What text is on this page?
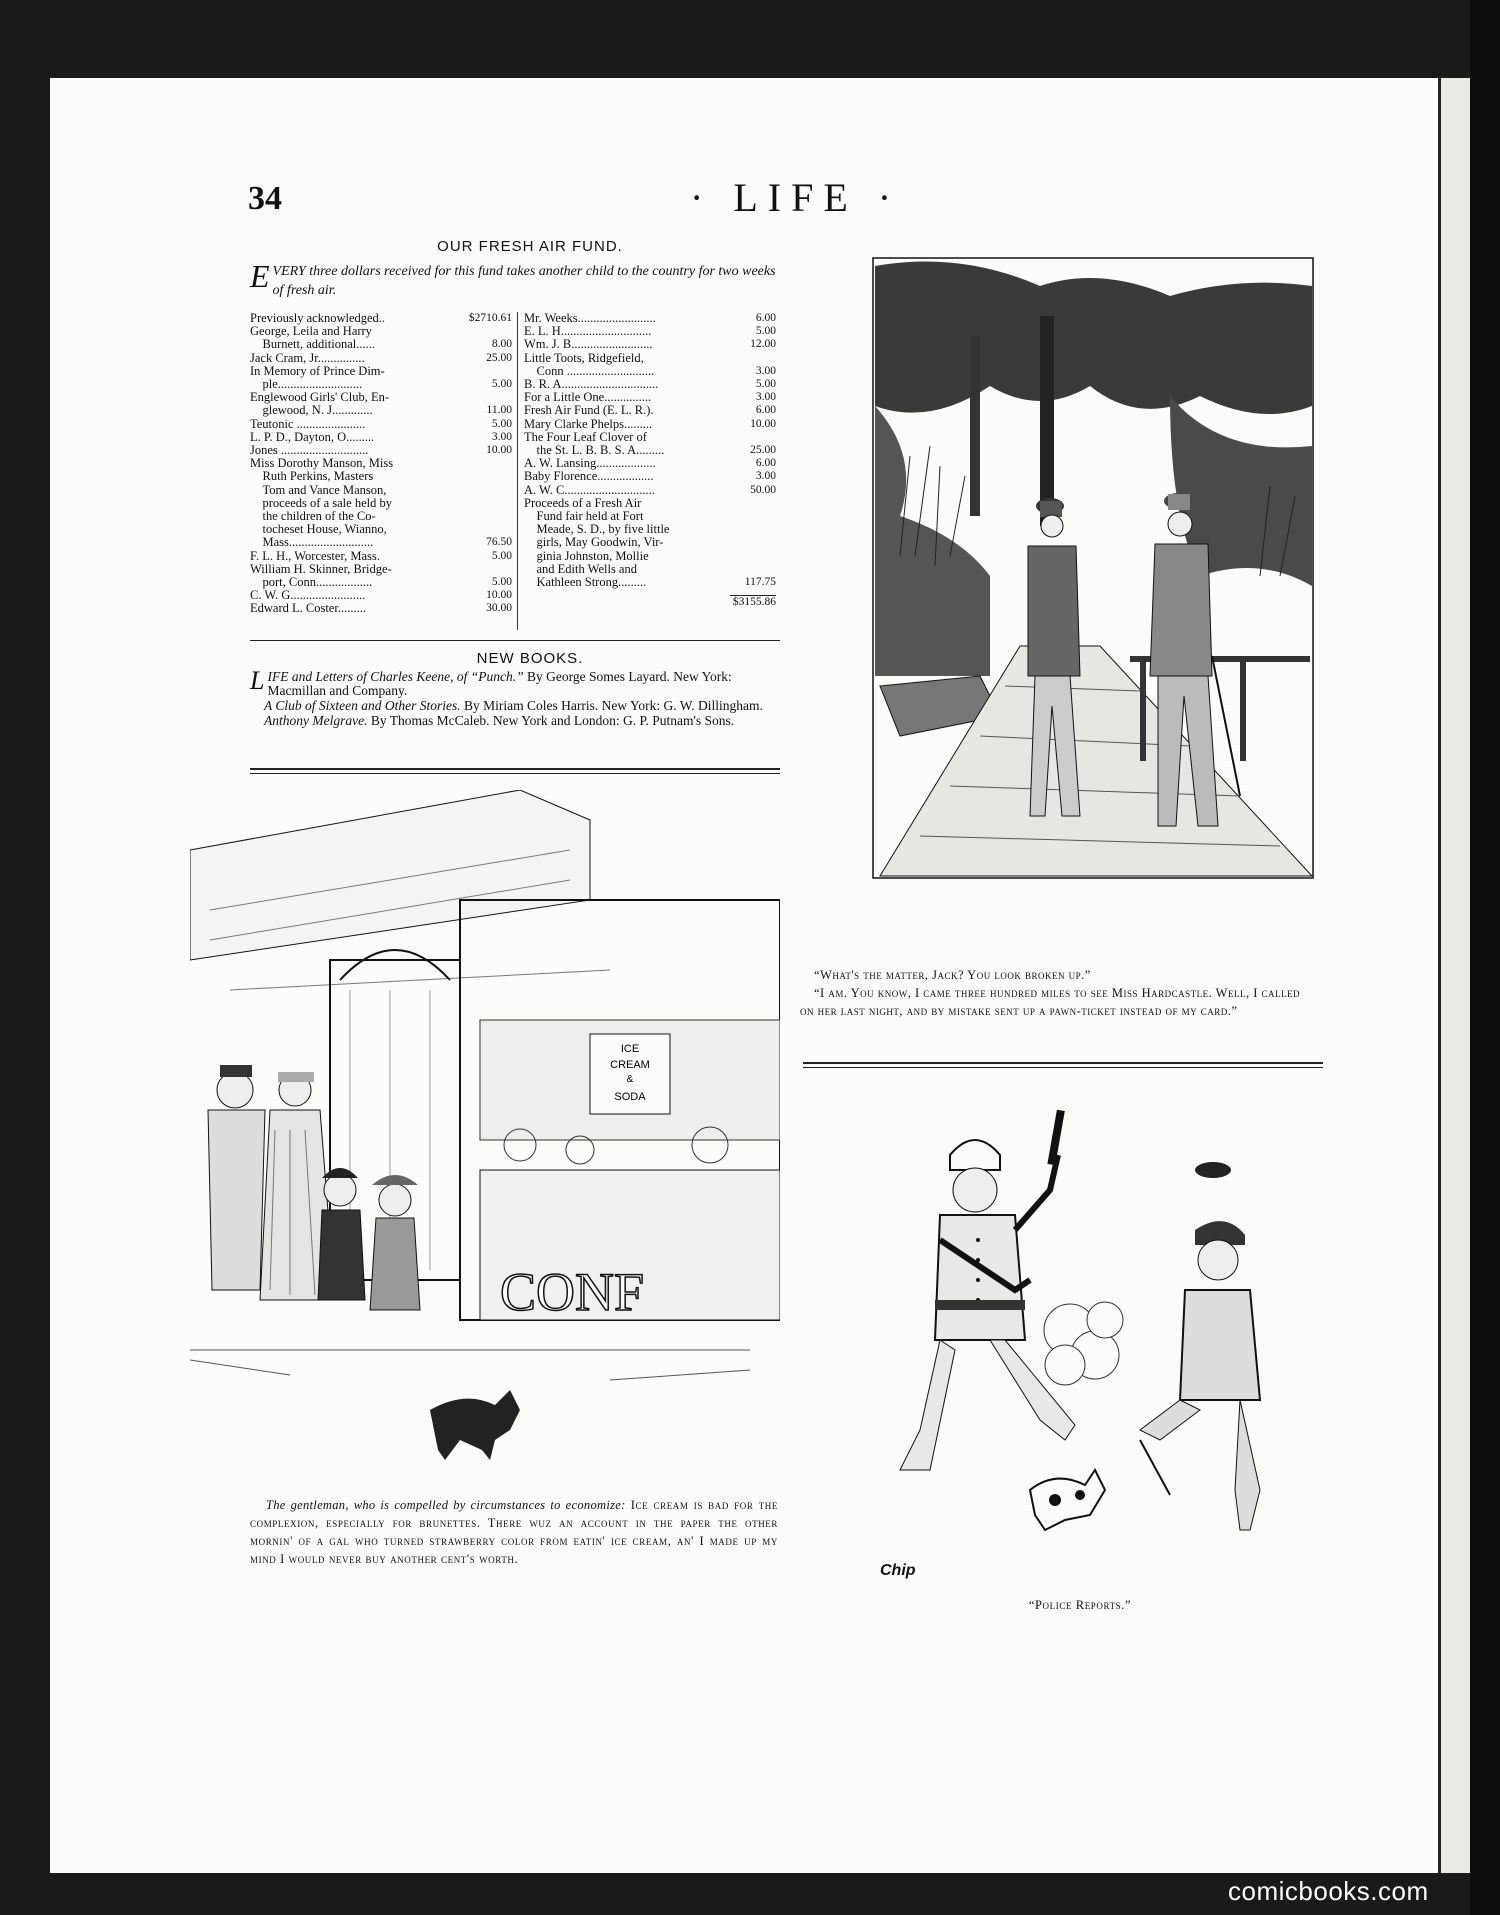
34	· LIFE ·
OUR FRESH AIR FUND.
E VERY three dollars received for this fund takes another child to the country for two weeks of fresh air.
Previously acknowledged..	$2710.61
George, Leila and Harry
Burnett, additional......	8.00
Jack Cram, Jr...............	25.00
In Memory of Prince Dim-
ple...........................	5.00
Englewood Girls' Club, En-
glewood, N. J.............	11.00
Teutonic ......................	5.00
L. P. D., Dayton, O.........	3.00
Jones ............................	10.00
Miss Dorothy Manson, Miss
Ruth Perkins, Masters
Tom and Vance Manson,
proceeds of a sale held by
the children of the Co-
tocheset House, Wianno,
Mass...........................	76.50
F. L. H., Worcester, Mass.	5.00
William H. Skinner, Bridge-
port, Conn..................	5.00
C. W. G........................	10.00
Edward L. Coster.........	30.00
Mr. Weeks.........................	6.00
E. L. H.............................	5.00
Wm. J. B..........................	12.00
Little Toots, Ridgefield,
Conn ............................	3.00
B. R. A...............................	5.00
For a Little One...............	3.00
Fresh Air Fund (E. L. R.).	6.00
Mary Clarke Phelps.........	10.00
The Four Leaf Clover of
the St. L. B. B. S. A.........	25.00
A. W. Lansing...................	6.00
Baby Florence..................	3.00
A. W. C.............................	50.00
Proceeds of a Fresh Air
Fund fair held at Fort
Meade, S. D., by five little
girls, May Goodwin, Vir-
ginia Johnston, Mollie
and Edith Wells and
Kathleen Strong.........	117.75
$3155.86
NEW BOOKS.

LIFE and Letters of Charles Keene, of “Punch.” By George Somes Layard. New York: Macmillan and Company.

A Club of Sixteen and Other Stories. By Miriam Coles Harris. New York: G. W. Dillingham.

Anthony Melgrave. By Thomas McCaleb. New York and London: G. P. Putnam's Sons.

“What's the matter, Jack? You look broken up.”

“I am. You know, I came three hundred miles to see Miss Hardcastle. Well, I called on her last night, and by mistake sent up a pawn-ticket instead of my card.”

ICE
CREAM
&
SODA
CONF
The gentleman, who is compelled by circumstances to economize: Ice cream is bad for the complexion, especially for brunettes. There wuz an account in the paper the other mornin' of a gal who turned strawberry color from eatin' ice cream, an' I made up my mind I would never buy another cent's worth.
Chip
“Police Reports.”
comicbooks.com
